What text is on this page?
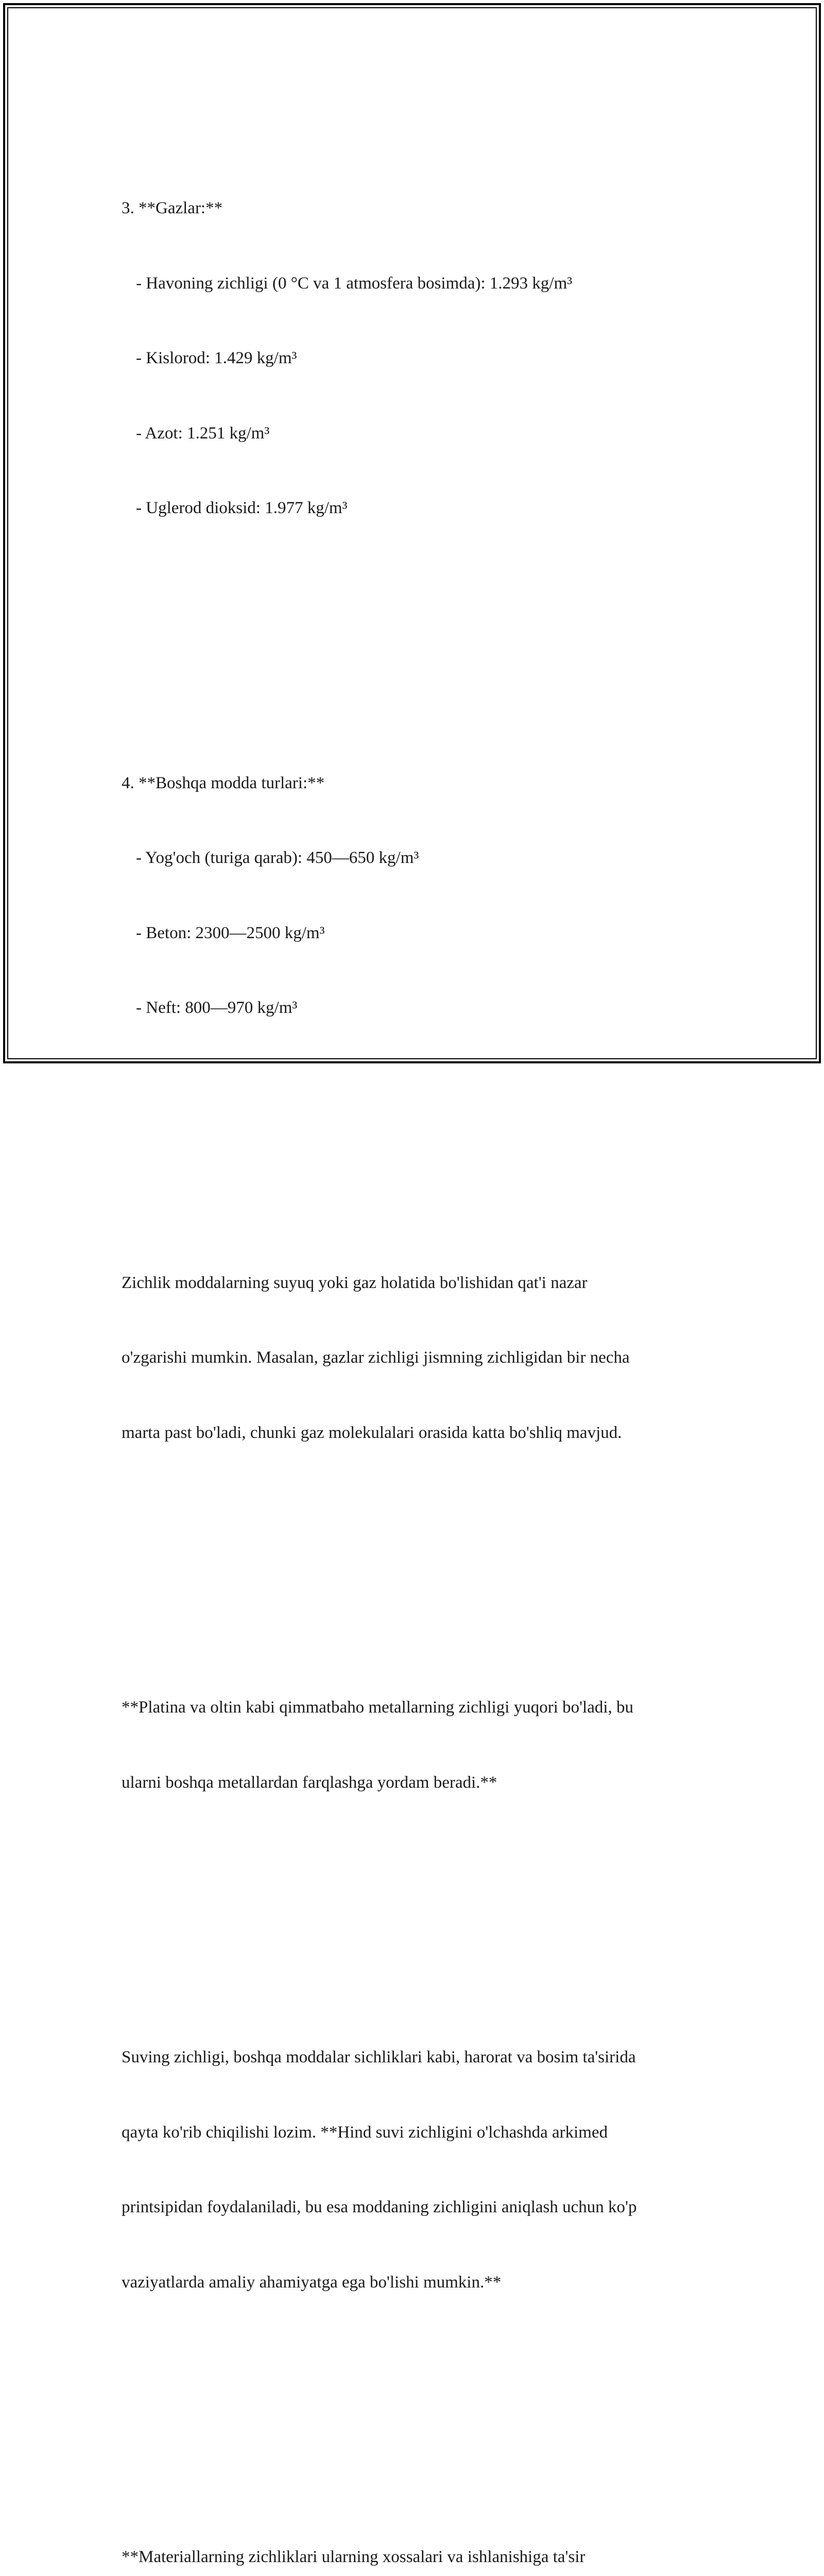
3. **Gazlar:**

- Havoning zichligi (0 °C va 1 atmosfera bosimda): 1.293 kg/m³

- Kislorod: 1.429 kg/m³

- Azot: 1.251 kg/m³

- Uglerod dioksid: 1.977 kg/m³

4. **Boshqa modda turlari:**

- Yog'och (turiga qarab): 450—650 kg/m³

- Beton: 2300—2500 kg/m³

- Neft: 800—970 kg/m³

Zichlik moddalarning suyuq yoki gaz holatida bo'lishidan qat'i nazar

o'zgarishi mumkin. Masalan, gazlar zichligi jismning zichligidan bir necha

marta past bo'ladi, chunki gaz molekulalari orasida katta bo'shliq mavjud.

**Platina va oltin kabi qimmatbaho metallarning zichligi yuqori bo'ladi, bu

ularni boshqa metallardan farqlashga yordam beradi.**

Suving zichligi, boshqa moddalar sichliklari kabi, harorat va bosim ta'sirida

qayta ko'rib chiqilishi lozim. **Hind suvi zichligini o'lchashda arkimed

printsipidan foydalaniladi, bu esa moddaning zichligini aniqlash uchun ko'p

vaziyatlarda amaliy ahamiyatga ega bo'lishi mumkin.**

**Materiallarning zichliklari ularning xossalari va ishlanishiga ta'sir
